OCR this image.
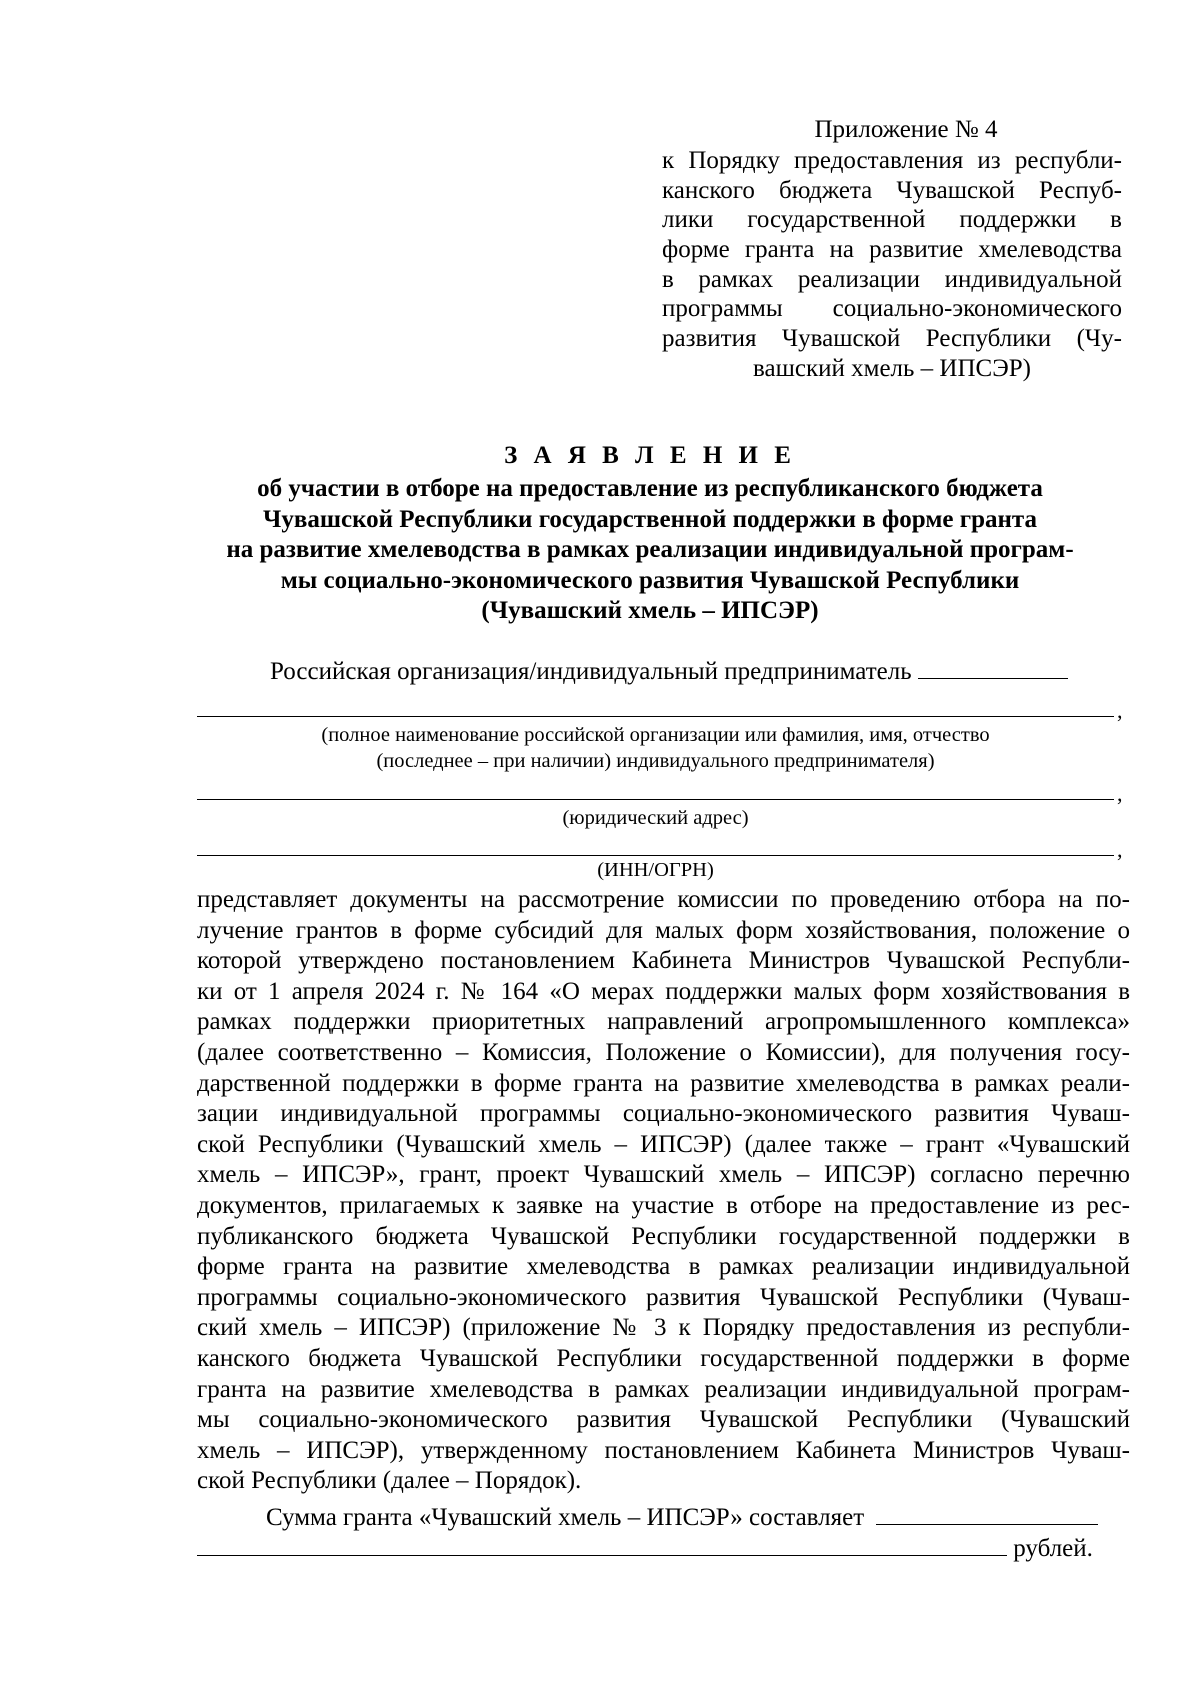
Приложение № 4
к Порядку предоставления из республи-
канского бюджета Чувашской Респуб-
лики государственной поддержки в
форме гранта на развитие хмелеводства
в рамках реализации индивидуальной
программы социально-экономического
развития Чувашской Республики (Чу-
вашский хмель – ИПСЭР)
З А Я В Л Е Н И Е
об участии в отборе на предоставление из республиканского бюджета
Чувашской Республики государственной поддержки в форме гранта
на развитие хмелеводства в рамках реализации индивидуальной програм-
мы социально-экономического развития Чувашской Республики
(Чувашский хмель – ИПСЭР)
Российская организация/индивидуальный предприниматель
,
(полное наименование российской организации или фамилия, имя, отчество
(последнее – при наличии) индивидуального предпринимателя)
,
(юридический адрес)
,
(ИНН/ОГРН)
представляет документы на рассмотрение комиссии по проведению отбора на по-
лучение грантов в форме субсидий для малых форм хозяйствования, положение о
которой утверждено постановлением Кабинета Министров Чувашской Республи-
ки от 1 апреля 2024 г. № 164 «О мерах поддержки малых форм хозяйствования в
рамках поддержки приоритетных направлений агропромышленного комплекса»
(далее соответственно – Комиссия, Положение о Комиссии), для получения госу-
дарственной поддержки в форме гранта на развитие хмелеводства в рамках реали-
зации индивидуальной программы социально-экономического развития Чуваш-
ской Республики (Чувашский хмель – ИПСЭР) (далее также – грант «Чувашский
хмель – ИПСЭР», грант, проект Чувашский хмель – ИПСЭР) согласно перечню
документов, прилагаемых к заявке на участие в отборе на предоставление из рес-
публиканского бюджета Чувашской Республики государственной поддержки в
форме гранта на развитие хмелеводства в рамках реализации индивидуальной
программы социально-экономического развития Чувашской Республики (Чуваш-
ский хмель – ИПСЭР) (приложение № 3 к Порядку предоставления из республи-
канского бюджета Чувашской Республики государственной поддержки в форме
гранта на развитие хмелеводства в рамках реализации индивидуальной програм-
мы социально-экономического развития Чувашской Республики (Чувашский
хмель – ИПСЭР), утвержденному постановлением Кабинета Министров Чуваш-
ской Республики (далее – Порядок).
Сумма гранта «Чувашский хмель – ИПСЭР» составляет
рублей.
